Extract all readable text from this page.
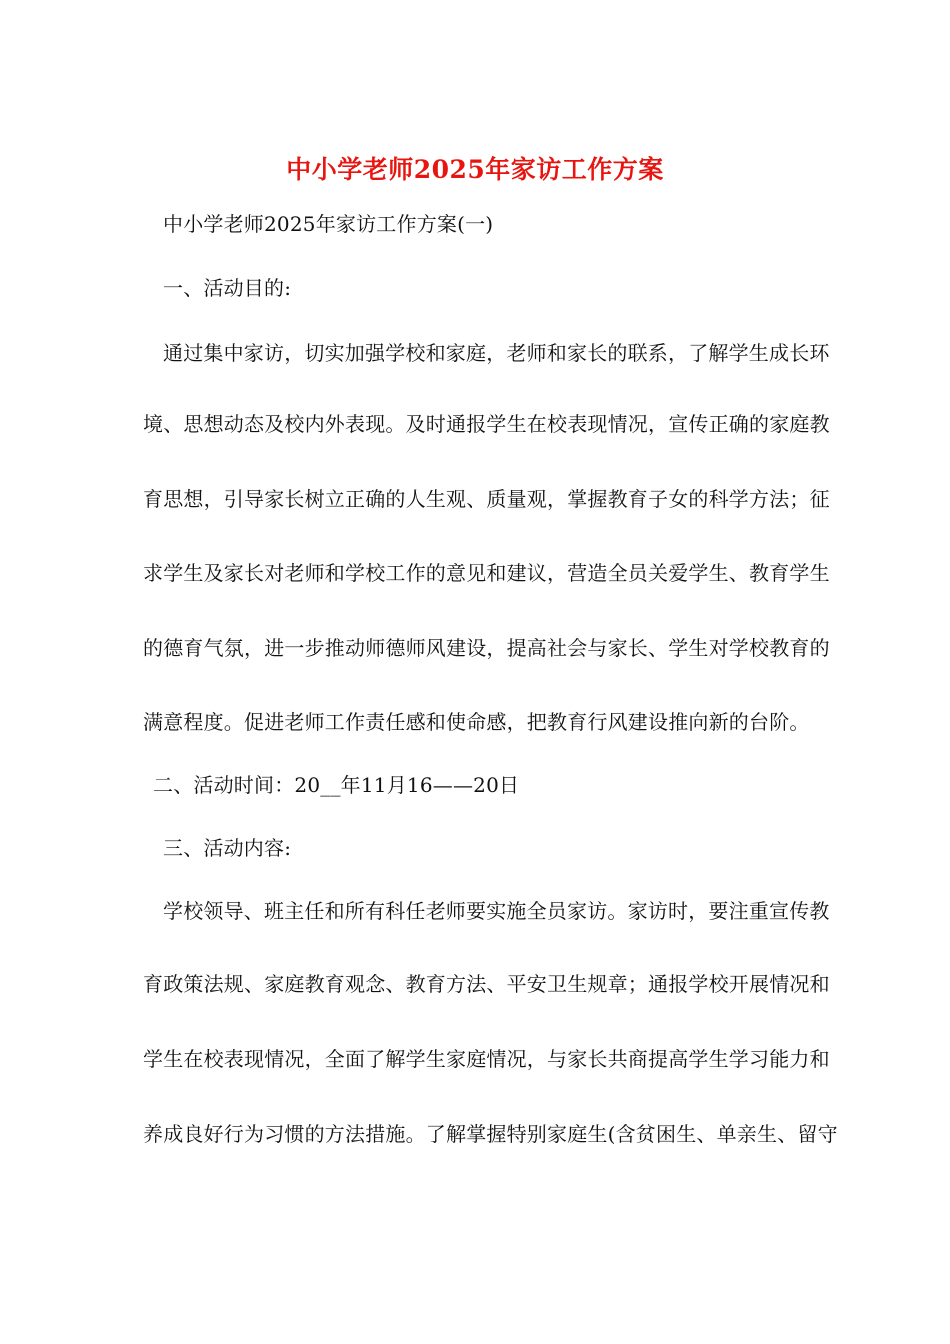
中小学老师2025年家访工作方案
中小学老师2025年家访工作方案(一)
一、活动目的:
通过集中家访，切实加强学校和家庭，老师和家长的联系，了解学生成长环
境、思想动态及校内外表现。及时通报学生在校表现情况，宣传正确的家庭教
育思想，引导家长树立正确的人生观、质量观，掌握教育子女的科学方法；征
求学生及家长对老师和学校工作的意见和建议，营造全员关爱学生、教育学生
的德育气氛，进一步推动师德师风建设，提高社会与家长、学生对学校教育的
满意程度。促进老师工作责任感和使命感，把教育行风建设推向新的台阶。
二、活动时间：20__年11月16——20日
三、活动内容:
学校领导、班主任和所有科任老师要实施全员家访。家访时，要注重宣传教
育政策法规、家庭教育观念、教育方法、平安卫生规章；通报学校开展情况和
学生在校表现情况，全面了解学生家庭情况，与家长共商提高学生学习能力和
养成良好行为习惯的方法措施。了解掌握特别家庭生(含贫困生、单亲生、留守
